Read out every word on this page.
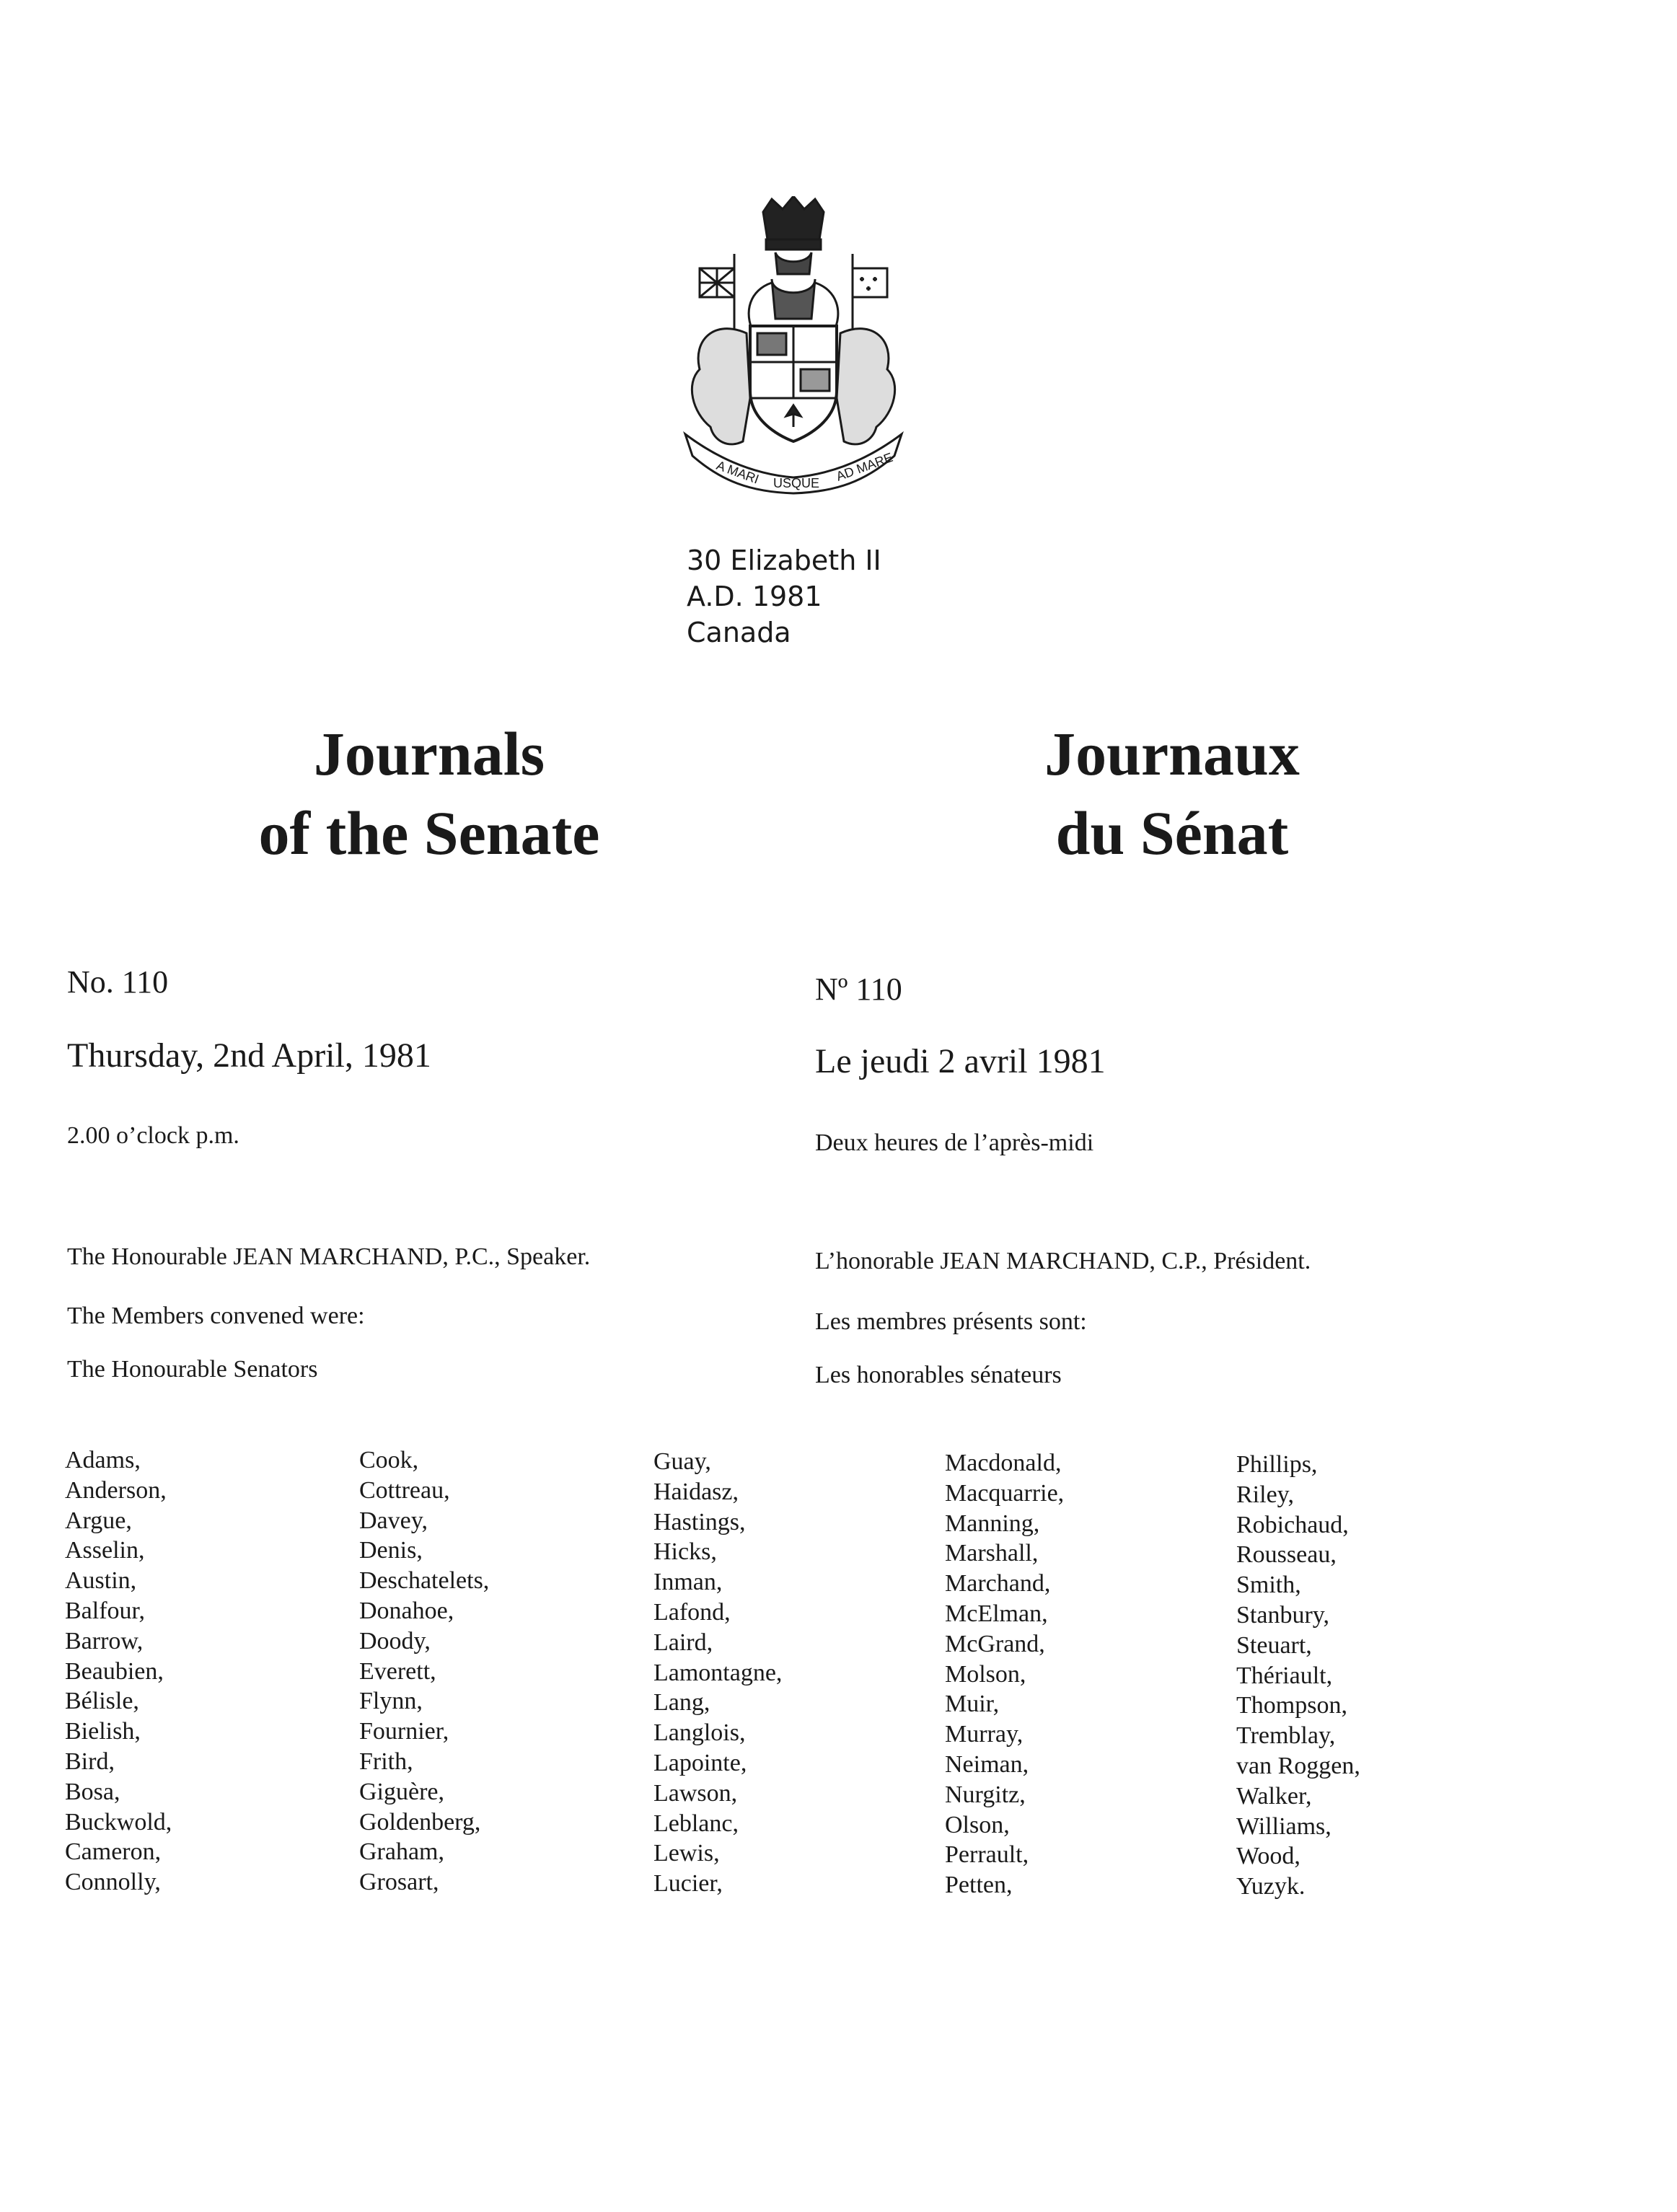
A MARI USQUE AD MARE
30 Elizabeth II
A.D. 1981
Canada
Journals
of the Senate
Journaux
du Sénat
No. 110
Thursday, 2nd April, 1981
2.00 o’clock p.m.
The Honourable JEAN MARCHAND, P.C., Speaker.
The Members convened were:
The Honourable Senators
Nº 110
Le jeudi 2 avril 1981
Deux heures de l’après-midi
L’honorable JEAN MARCHAND, C.P., Président.
Les membres présents sont:
Les honorables sénateurs
Adams,
Anderson,
Argue,
Asselin,
Austin,
Balfour,
Barrow,
Beaubien,
Bélisle,
Bielish,
Bird,
Bosa,
Buckwold,
Cameron,
Connolly,
Cook,
Cottreau,
Davey,
Denis,
Deschatelets,
Donahoe,
Doody,
Everett,
Flynn,
Fournier,
Frith,
Giguère,
Goldenberg,
Graham,
Grosart,
Guay,
Haidasz,
Hastings,
Hicks,
Inman,
Lafond,
Laird,
Lamontagne,
Lang,
Langlois,
Lapointe,
Lawson,
Leblanc,
Lewis,
Lucier,
Macdonald,
Macquarrie,
Manning,
Marshall,
Marchand,
McElman,
McGrand,
Molson,
Muir,
Murray,
Neiman,
Nurgitz,
Olson,
Perrault,
Petten,
Phillips,
Riley,
Robichaud,
Rousseau,
Smith,
Stanbury,
Steuart,
Thériault,
Thompson,
Tremblay,
van Roggen,
Walker,
Williams,
Wood,
Yuzyk.
